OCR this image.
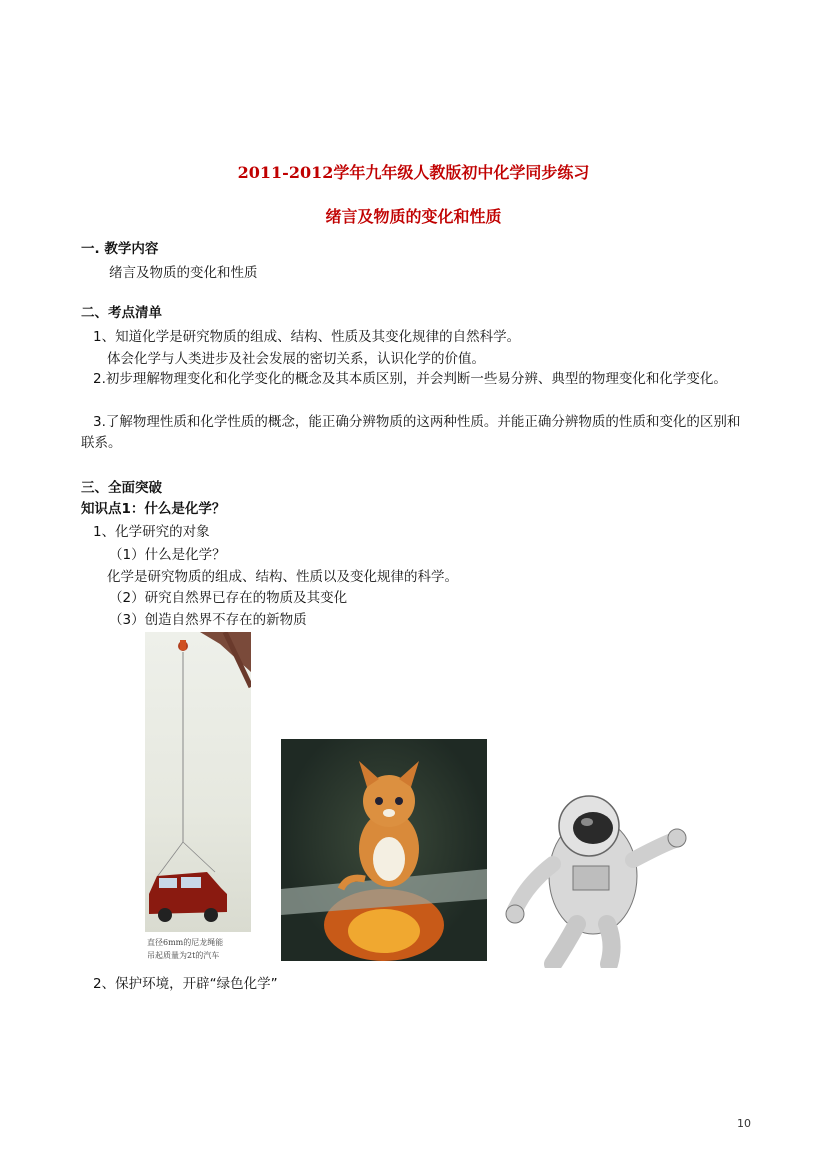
2011-2012学年九年级人教版初中化学同步练习
绪言及物质的变化和性质
一. 教学内容
绪言及物质的变化和性质
二、考点清单
1、知道化学是研究物质的组成、结构、性质及其变化规律的自然科学。
体会化学与人类进步及社会发展的密切关系，认识化学的价值。
2.初步理解物理变化和化学变化的概念及其本质区别，并会判断一些易分辨、典型的物理变化和化学变化。
3.了解物理性质和化学性质的概念，能正确分辨物质的这两种性质。并能正确分辨物质的性质和变化的区别和联系。
三、全面突破
知识点1：什么是化学？
1、化学研究的对象
（1）什么是化学？
化学是研究物质的组成、结构、性质以及变化规律的科学。
（2）研究自然界已存在的物质及其变化
（3）创造自然界不存在的新物质
直径6mm的尼龙绳能
吊起质量为2t的汽车
2、保护环境，开辟“绿色化学”
10
